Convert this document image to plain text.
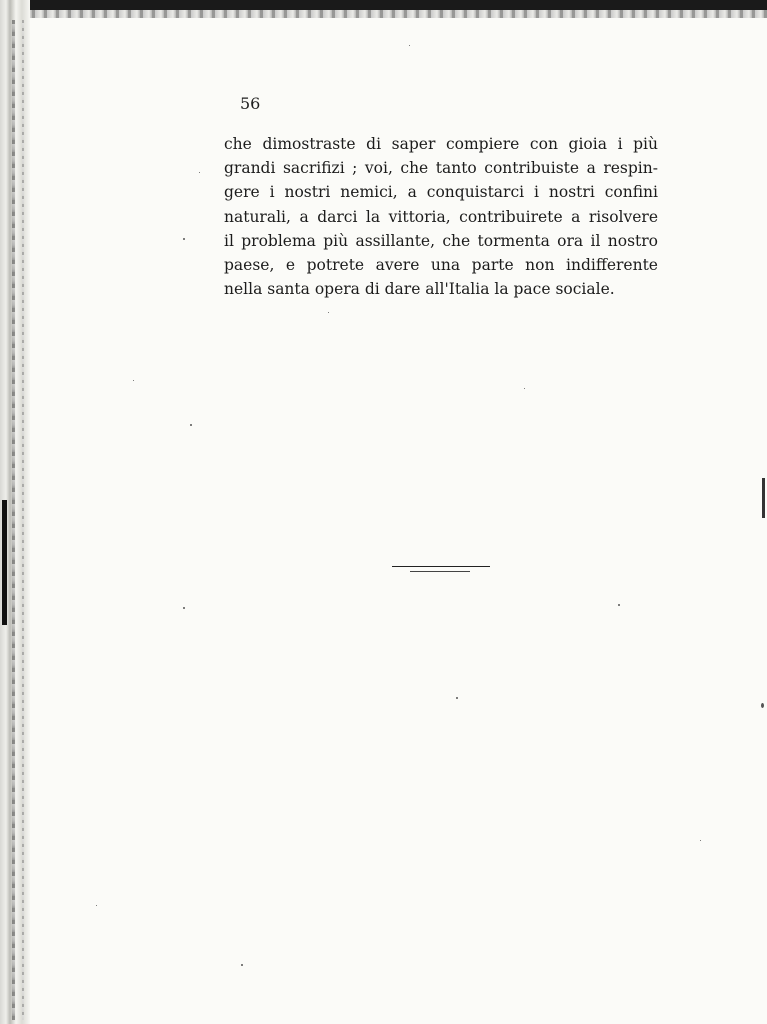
56

che dimostraste di saper compiere con gioia i più
grandi sacrifizi ; voi, che tanto contribuiste a respin-
gere i nostri nemici, a conquistarci i nostri confini
naturali, a darci la vittoria, contribuirete a risolvere
il problema più assillante, che tormenta ora il nostro
paese, e potrete avere una parte non indifferente
nella santa opera di dare all'Italia la pace sociale.
